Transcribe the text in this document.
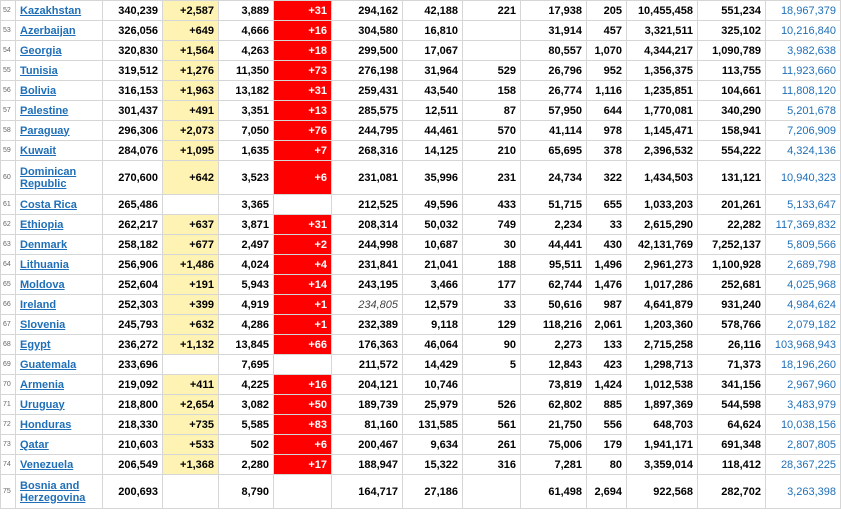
52	Kazakhstan	340,239	+2,587	3,889	+31	294,162	42,188	221	17,938	205	10,455,458	551,234	18,967,379
53	Azerbaijan	326,056	+649	4,666	+16	304,580	16,810		31,914	457	3,321,511	325,102	10,216,840
54	Georgia	320,830	+1,564	4,263	+18	299,500	17,067		80,557	1,070	4,344,217	1,090,789	3,982,638
55	Tunisia	319,512	+1,276	11,350	+73	276,198	31,964	529	26,796	952	1,356,375	113,755	11,923,660
56	Bolivia	316,153	+1,963	13,182	+31	259,431	43,540	158	26,774	1,116	1,235,851	104,661	11,808,120
57	Palestine	301,437	+491	3,351	+13	285,575	12,511	87	57,950	644	1,770,081	340,290	5,201,678
58	Paraguay	296,306	+2,073	7,050	+76	244,795	44,461	570	41,114	978	1,145,471	158,941	7,206,909
59	Kuwait	284,076	+1,095	1,635	+7	268,316	14,125	210	65,695	378	2,396,532	554,222	4,324,136
60	Dominican Republic	270,600	+642	3,523	+6	231,081	35,996	231	24,734	322	1,434,503	131,121	10,940,323
61	Costa Rica	265,486		3,365		212,525	49,596	433	51,715	655	1,033,203	201,261	5,133,647
62	Ethiopia	262,217	+637	3,871	+31	208,314	50,032	749	2,234	33	2,615,290	22,282	117,369,832
63	Denmark	258,182	+677	2,497	+2	244,998	10,687	30	44,441	430	42,131,769	7,252,137	5,809,566
64	Lithuania	256,906	+1,486	4,024	+4	231,841	21,041	188	95,511	1,496	2,961,273	1,100,928	2,689,798
65	Moldova	252,604	+191	5,943	+14	243,195	3,466	177	62,744	1,476	1,017,286	252,681	4,025,968
66	Ireland	252,303	+399	4,919	+1	234,805	12,579	33	50,616	987	4,641,879	931,240	4,984,624
67	Slovenia	245,793	+632	4,286	+1	232,389	9,118	129	118,216	2,061	1,203,360	578,766	2,079,182
68	Egypt	236,272	+1,132	13,845	+66	176,363	46,064	90	2,273	133	2,715,258	26,116	103,968,943
69	Guatemala	233,696		7,695		211,572	14,429	5	12,843	423	1,298,713	71,373	18,196,260
70	Armenia	219,092	+411	4,225	+16	204,121	10,746		73,819	1,424	1,012,538	341,156	2,967,960
71	Uruguay	218,800	+2,654	3,082	+50	189,739	25,979	526	62,802	885	1,897,369	544,598	3,483,979
72	Honduras	218,330	+735	5,585	+83	81,160	131,585	561	21,750	556	648,703	64,624	10,038,156
73	Qatar	210,603	+533	502	+6	200,467	9,634	261	75,006	179	1,941,171	691,348	2,807,805
74	Venezuela	206,549	+1,368	2,280	+17	188,947	15,322	316	7,281	80	3,359,014	118,412	28,367,225
75	Bosnia and Herzegovina	200,693		8,790		164,717	27,186		61,498	2,694	922,568	282,702	3,263,398
